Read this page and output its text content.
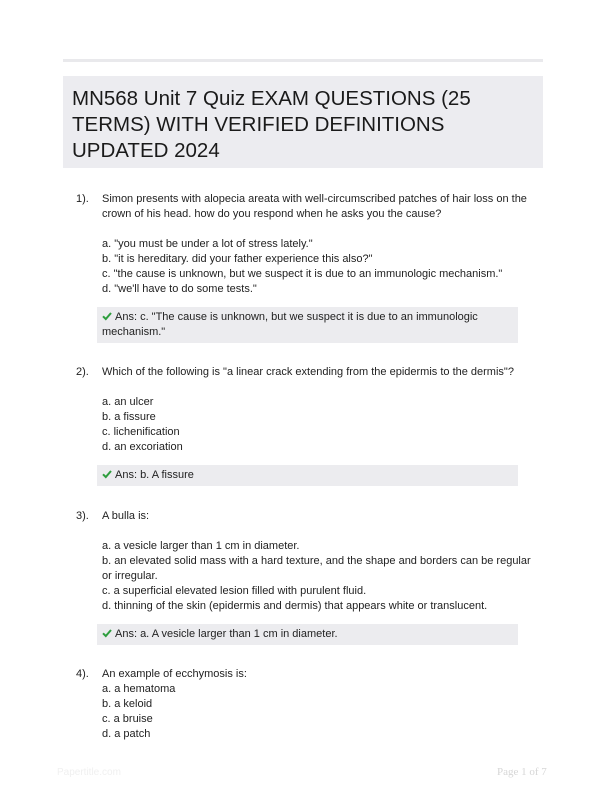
MN568 Unit 7 Quiz EXAM QUESTIONS (25 TERMS) WITH VERIFIED DEFINITIONS UPDATED 2024
1). Simon presents with alopecia areata with well-circumscribed patches of hair loss on the crown of his head. how do you respond when he asks you the cause?

a. "you must be under a lot of stress lately."

b. "it is hereditary. did your father experience this also?"

c. "the cause is unknown, but we suspect it is due to an immunologic mechanism."

d. "we'll have to do some tests."

Ans: c. "The cause is unknown, but we suspect it is due to an immunologic mechanism."
2). Which of the following is "a linear crack extending from the epidermis to the dermis"?

a. an ulcer

b. a fissure

c. lichenification

d. an excoriation

Ans: b. A fissure
3). A bulla is:

a. a vesicle larger than 1 cm in diameter.

b. an elevated solid mass with a hard texture, and the shape and borders can be regular or irregular.

c. a superficial elevated lesion filled with purulent fluid.

d. thinning of the skin (epidermis and dermis) that appears white or translucent.

Ans: a. A vesicle larger than 1 cm in diameter.
4). An example of ecchymosis is:

a. a hematoma

b. a keloid

c. a bruise

d. a patch

Papertitle.com	Page 1 of 7
